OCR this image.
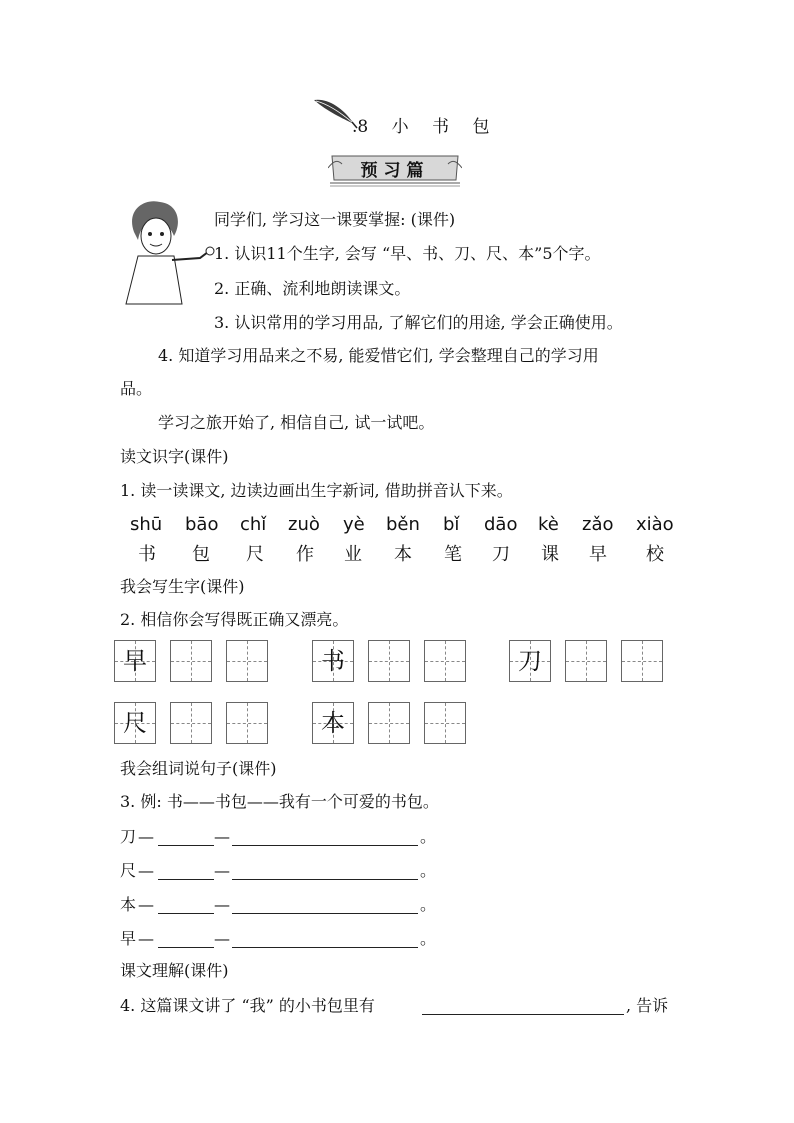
.8 小 书 包
预习篇
同学们, 学习这一课要掌握: (课件)
1. 认识11个生字, 会写 “早、书、刀、尺、本”5个字。
2. 正确、流利地朗读课文。
3. 认识常用的学习用品, 了解它们的用途, 学会正确使用。
4. 知道学习用品来之不易, 能爱惜它们, 学会整理自己的学习用
品。
学习之旅开始了, 相信自己, 试一试吧。
读文识字(课件)
1. 读一读课文, 边读边画出生字新词, 借助拼音认下来。
shū bāo chǐ zuò yè běn bǐ dāo kè zǎo xiào
书 包 尺 作 业 本 笔 刀 课 早 校
我会写生字(课件)
2. 相信你会写得既正确又漂亮。
早	书	刀
尺	本
我会组词说句子(课件)
3. 例: 书——书包——我有一个可爱的书包。
刀 —	—	。
尺 —	—	。
本 —	—	。
早 —	—	。
课文理解(课件)
4. 这篇课文讲了 “我” 的小书包里有	, 告诉
